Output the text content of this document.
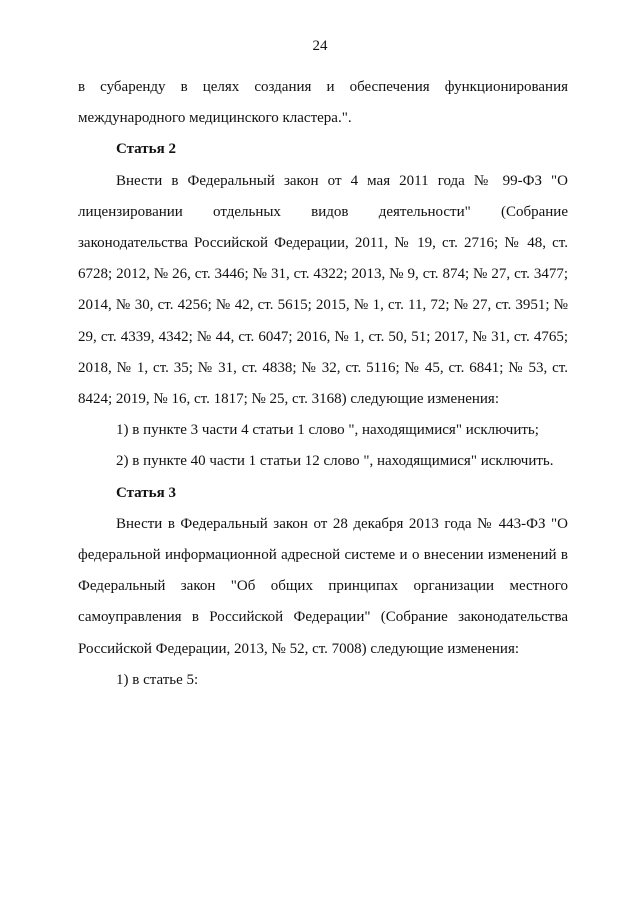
24

в субаренду в целях создания и обеспечения функционирования международного медицинского кластера.".

Статья 2

Внести в Федеральный закон от 4 мая 2011 года № 99-ФЗ "О лицензировании отдельных видов деятельности" (Собрание законодательства Российской Федерации, 2011, № 19, ст. 2716; № 48, ст. 6728; 2012, № 26, ст. 3446; № 31, ст. 4322; 2013, № 9, ст. 874; № 27, ст. 3477; 2014, № 30, ст. 4256; № 42, ст. 5615; 2015, № 1, ст. 11, 72; № 27, ст. 3951; № 29, ст. 4339, 4342; № 44, ст. 6047; 2016, № 1, ст. 50, 51; 2017, № 31, ст. 4765; 2018, № 1, ст. 35; № 31, ст. 4838; № 32, ст. 5116; № 45, ст. 6841; № 53, ст. 8424; 2019, № 16, ст. 1817; № 25, ст. 3168) следующие изменения:

1) в пункте 3 части 4 статьи 1 слово ", находящимися" исключить;

2) в пункте 40 части 1 статьи 12 слово ", находящимися" исключить.

Статья 3

Внести в Федеральный закон от 28 декабря 2013 года № 443-ФЗ "О федеральной информационной адресной системе и о внесении изменений в Федеральный закон "Об общих принципах организации местного самоуправления в Российской Федерации" (Собрание законодательства Российской Федерации, 2013, № 52, ст. 7008) следующие изменения:

1) в статье 5:
